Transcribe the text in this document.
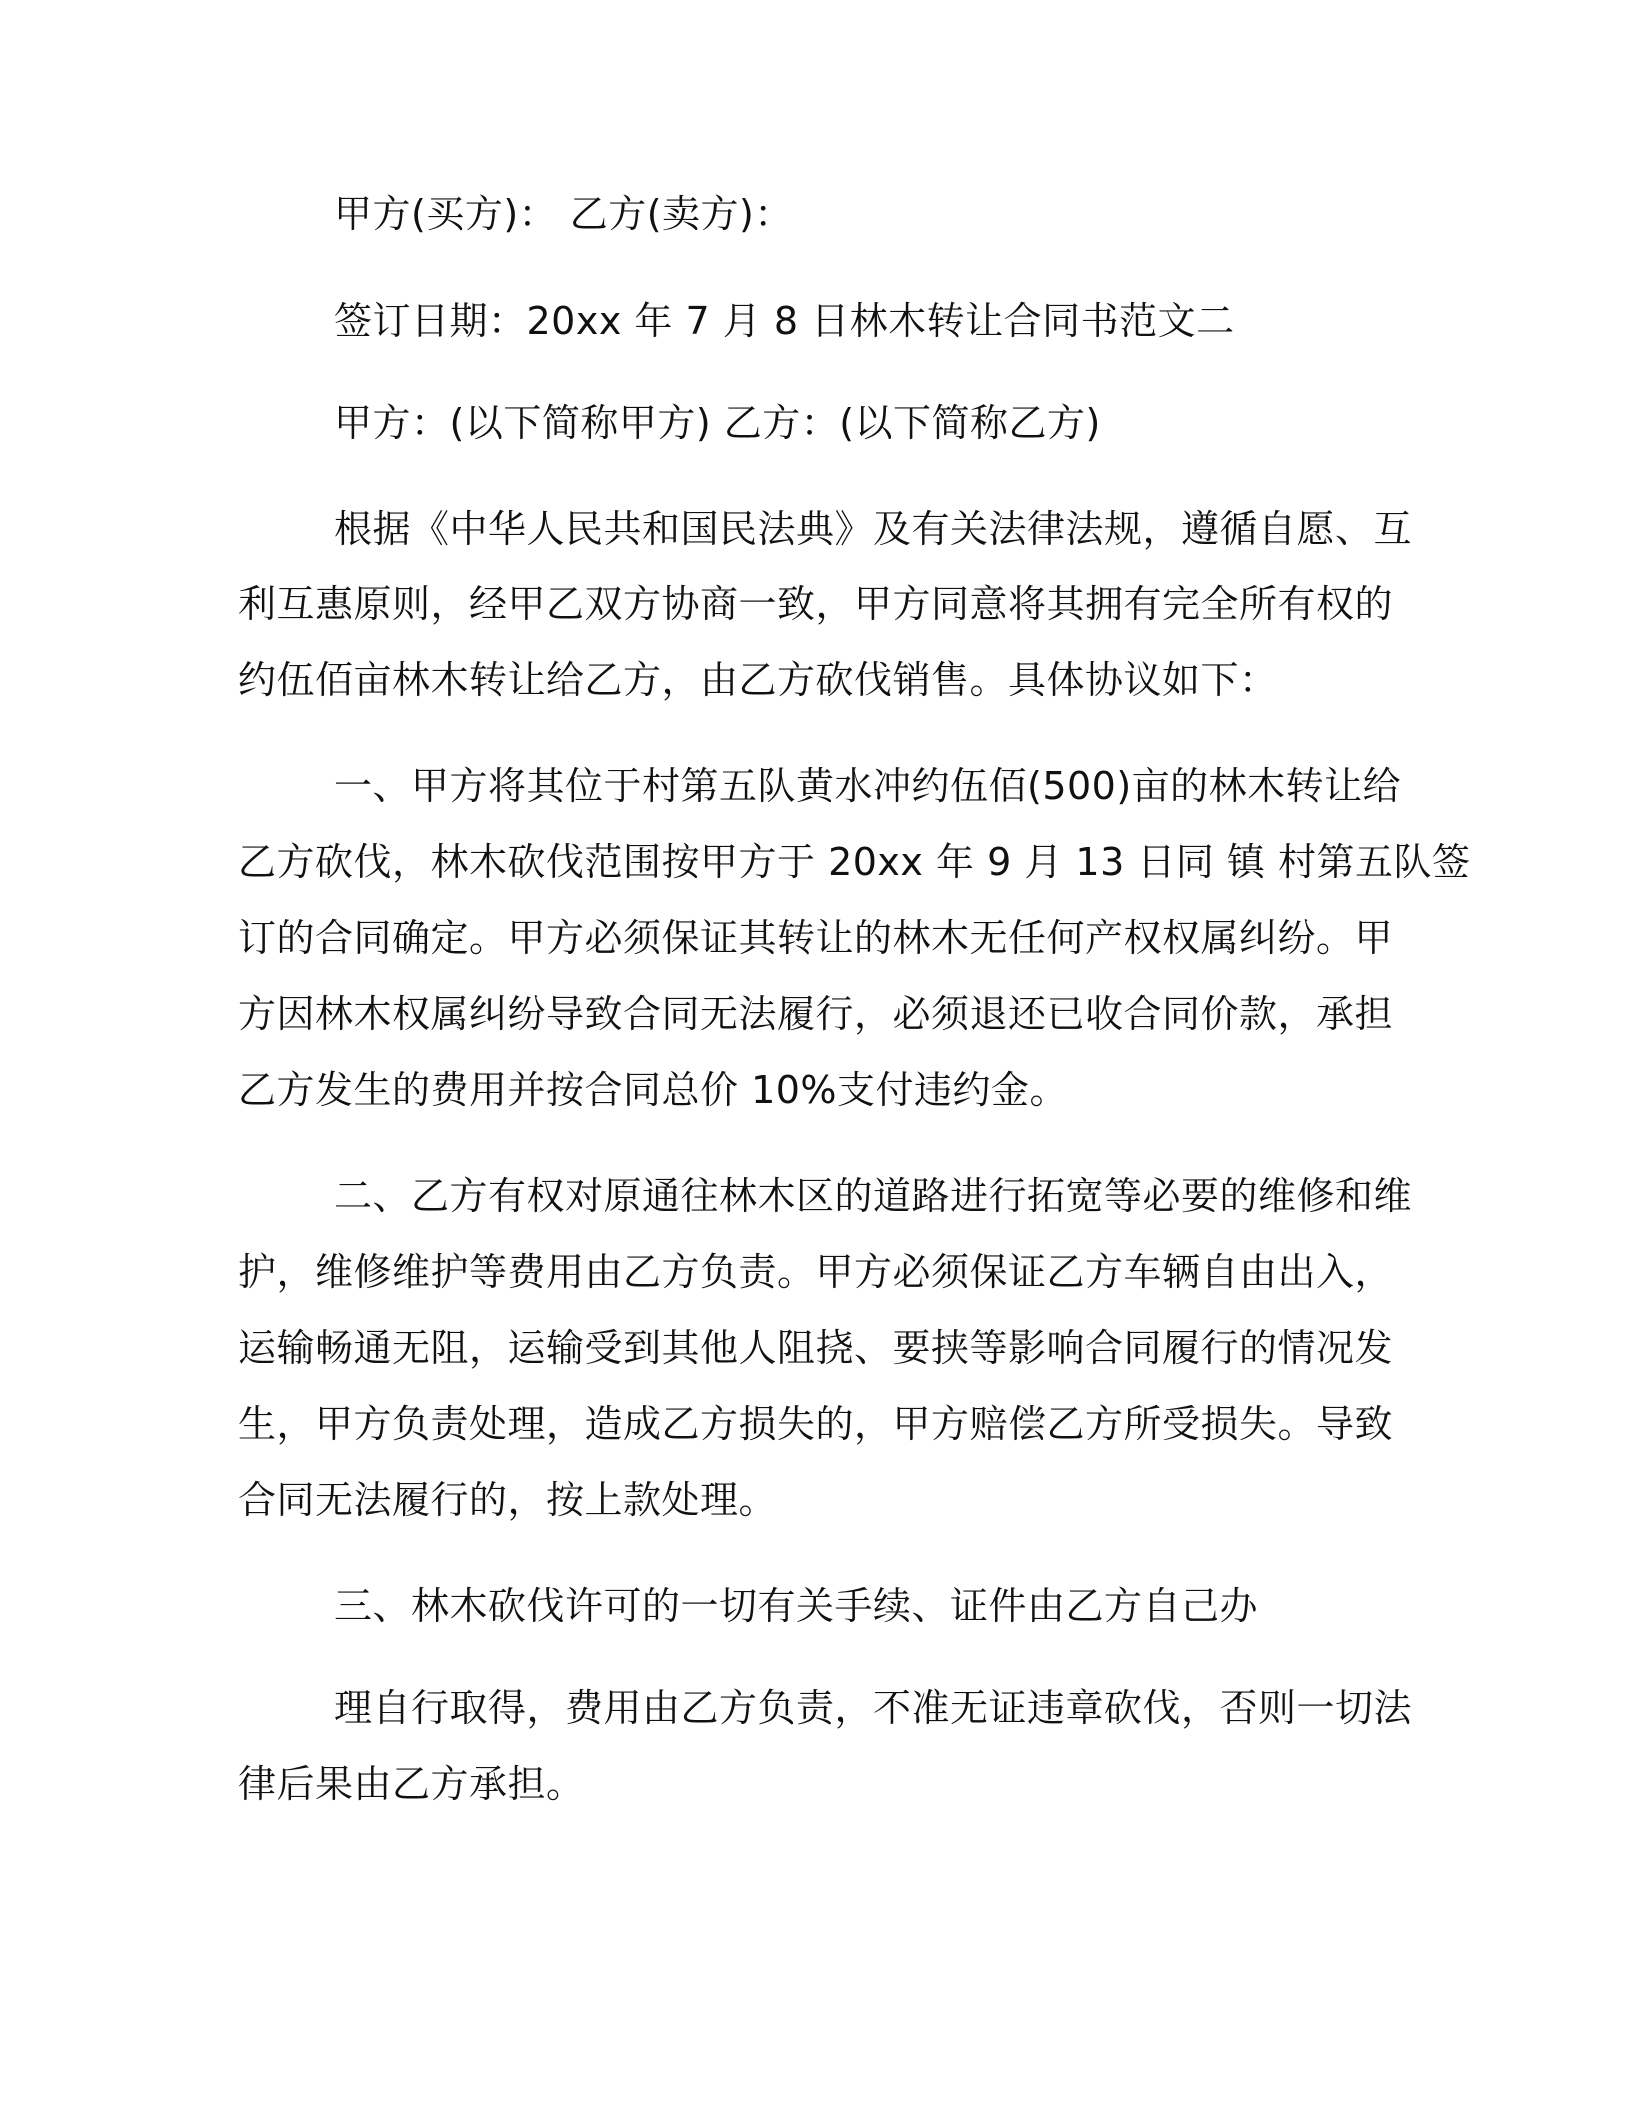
甲方(买方)： 乙方(卖方)：
签订日期：20xx 年 7 月 8 日林木转让合同书范文二
甲方：(以下简称甲方) 乙方：(以下简称乙方)
根据《中华人民共和国民法典》及有关法律法规，遵循自愿、互
利互惠原则，经甲乙双方协商一致，甲方同意将其拥有完全所有权的
约伍佰亩林木转让给乙方，由乙方砍伐销售。具体协议如下：
一、甲方将其位于村第五队黄水冲约伍佰(500)亩的林木转让给
乙方砍伐，林木砍伐范围按甲方于 20xx 年 9 月 13 日同 镇 村第五队签
订的合同确定。甲方必须保证其转让的林木无任何产权权属纠纷。甲
方因林木权属纠纷导致合同无法履行，必须退还已收合同价款，承担
乙方发生的费用并按合同总价 10%支付违约金。
二、乙方有权对原通往林木区的道路进行拓宽等必要的维修和维
护，维修维护等费用由乙方负责。甲方必须保证乙方车辆自由出入，
运输畅通无阻，运输受到其他人阻挠、要挟等影响合同履行的情况发
生，甲方负责处理，造成乙方损失的，甲方赔偿乙方所受损失。导致
合同无法履行的，按上款处理。
三、林木砍伐许可的一切有关手续、证件由乙方自己办
理自行取得，费用由乙方负责，不准无证违章砍伐，否则一切法
律后果由乙方承担。
